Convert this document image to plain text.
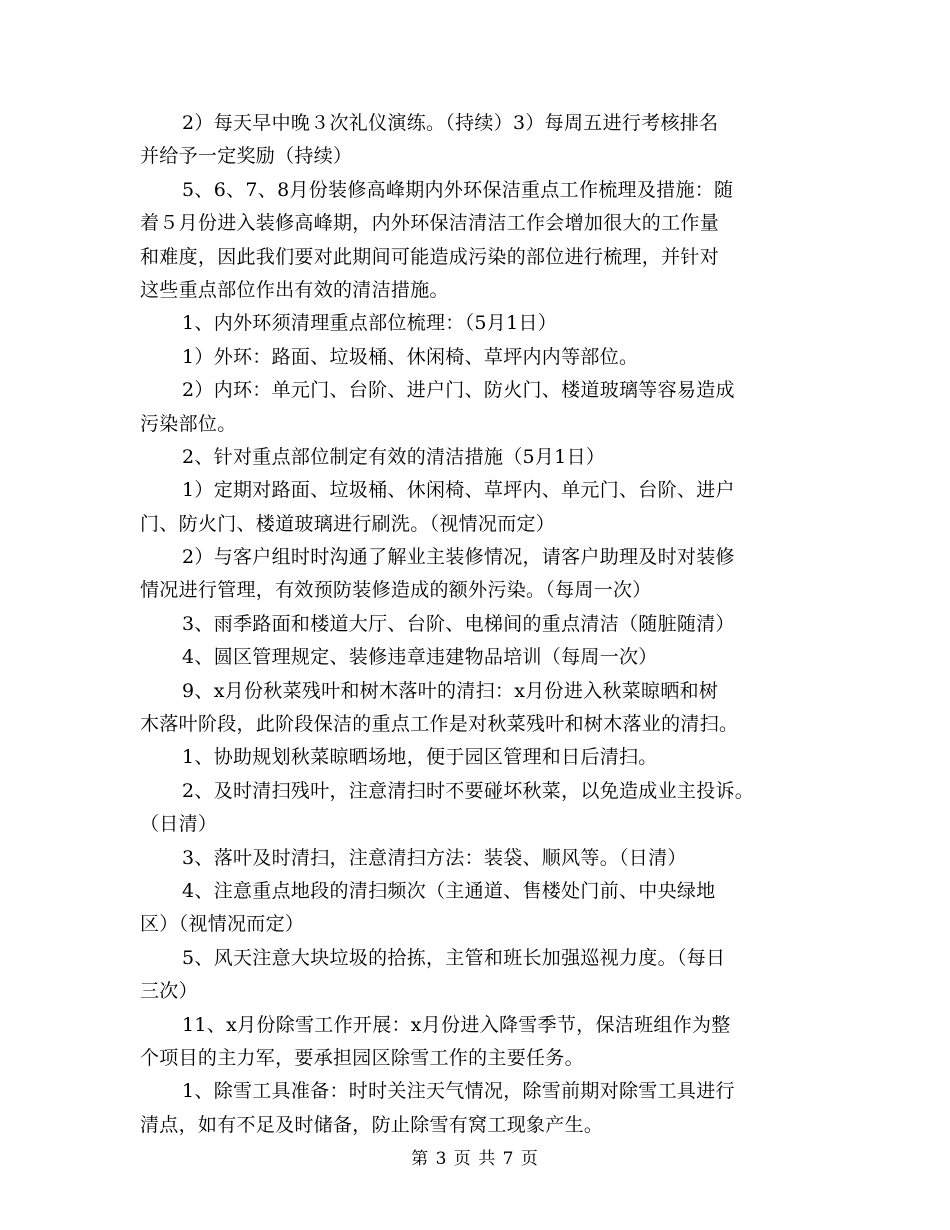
2）每天早中晚３次礼仪演练。（持续）3）每周五进行考核排名
并给予一定奖励（持续）
5、6、7、8月份装修高峰期内外环保洁重点工作梳理及措施：随
着５月份进入装修高峰期，内外环保洁清洁工作会增加很大的工作量
和难度，因此我们要对此期间可能造成污染的部位进行梳理，并针对
这些重点部位作出有效的清洁措施。
1、内外环须清理重点部位梳理：（5月1日）
1）外环：路面、垃圾桶、休闲椅、草坪内内等部位。
2）内环：单元门、台阶、进户门、防火门、楼道玻璃等容易造成
污染部位。
2、针对重点部位制定有效的清洁措施（5月1日）
1）定期对路面、垃圾桶、休闲椅、草坪内、单元门、台阶、进户
门、防火门、楼道玻璃进行刷洗。（视情况而定）
2）与客户组时时沟通了解业主装修情况，请客户助理及时对装修
情况进行管理，有效预防装修造成的额外污染。（每周一次）
3、雨季路面和楼道大厅、台阶、电梯间的重点清洁（随脏随清）
4、圆区管理规定、装修违章违建物品培训（每周一次）
9、x月份秋菜残叶和树木落叶的清扫：x月份进入秋菜晾晒和树
木落叶阶段，此阶段保洁的重点工作是对秋菜残叶和树木落业的清扫。
1、协助规划秋菜晾晒场地，便于园区管理和日后清扫。
2、及时清扫残叶，注意清扫时不要碰坏秋菜，以免造成业主投诉。
（日清）
3、落叶及时清扫，注意清扫方法：装袋、顺风等。（日清）
4、注意重点地段的清扫频次（主通道、售楼处门前、中央绿地
区）（视情况而定）
5、风天注意大块垃圾的拾拣，主管和班长加强巡视力度。（每日
三次）
11、x月份除雪工作开展：x月份进入降雪季节，保洁班组作为整
个项目的主力军，要承担园区除雪工作的主要任务。
1、除雪工具准备：时时关注天气情况，除雪前期对除雪工具进行
清点，如有不足及时储备，防止除雪有窝工现象产生。
第 3 页 共 7 页
